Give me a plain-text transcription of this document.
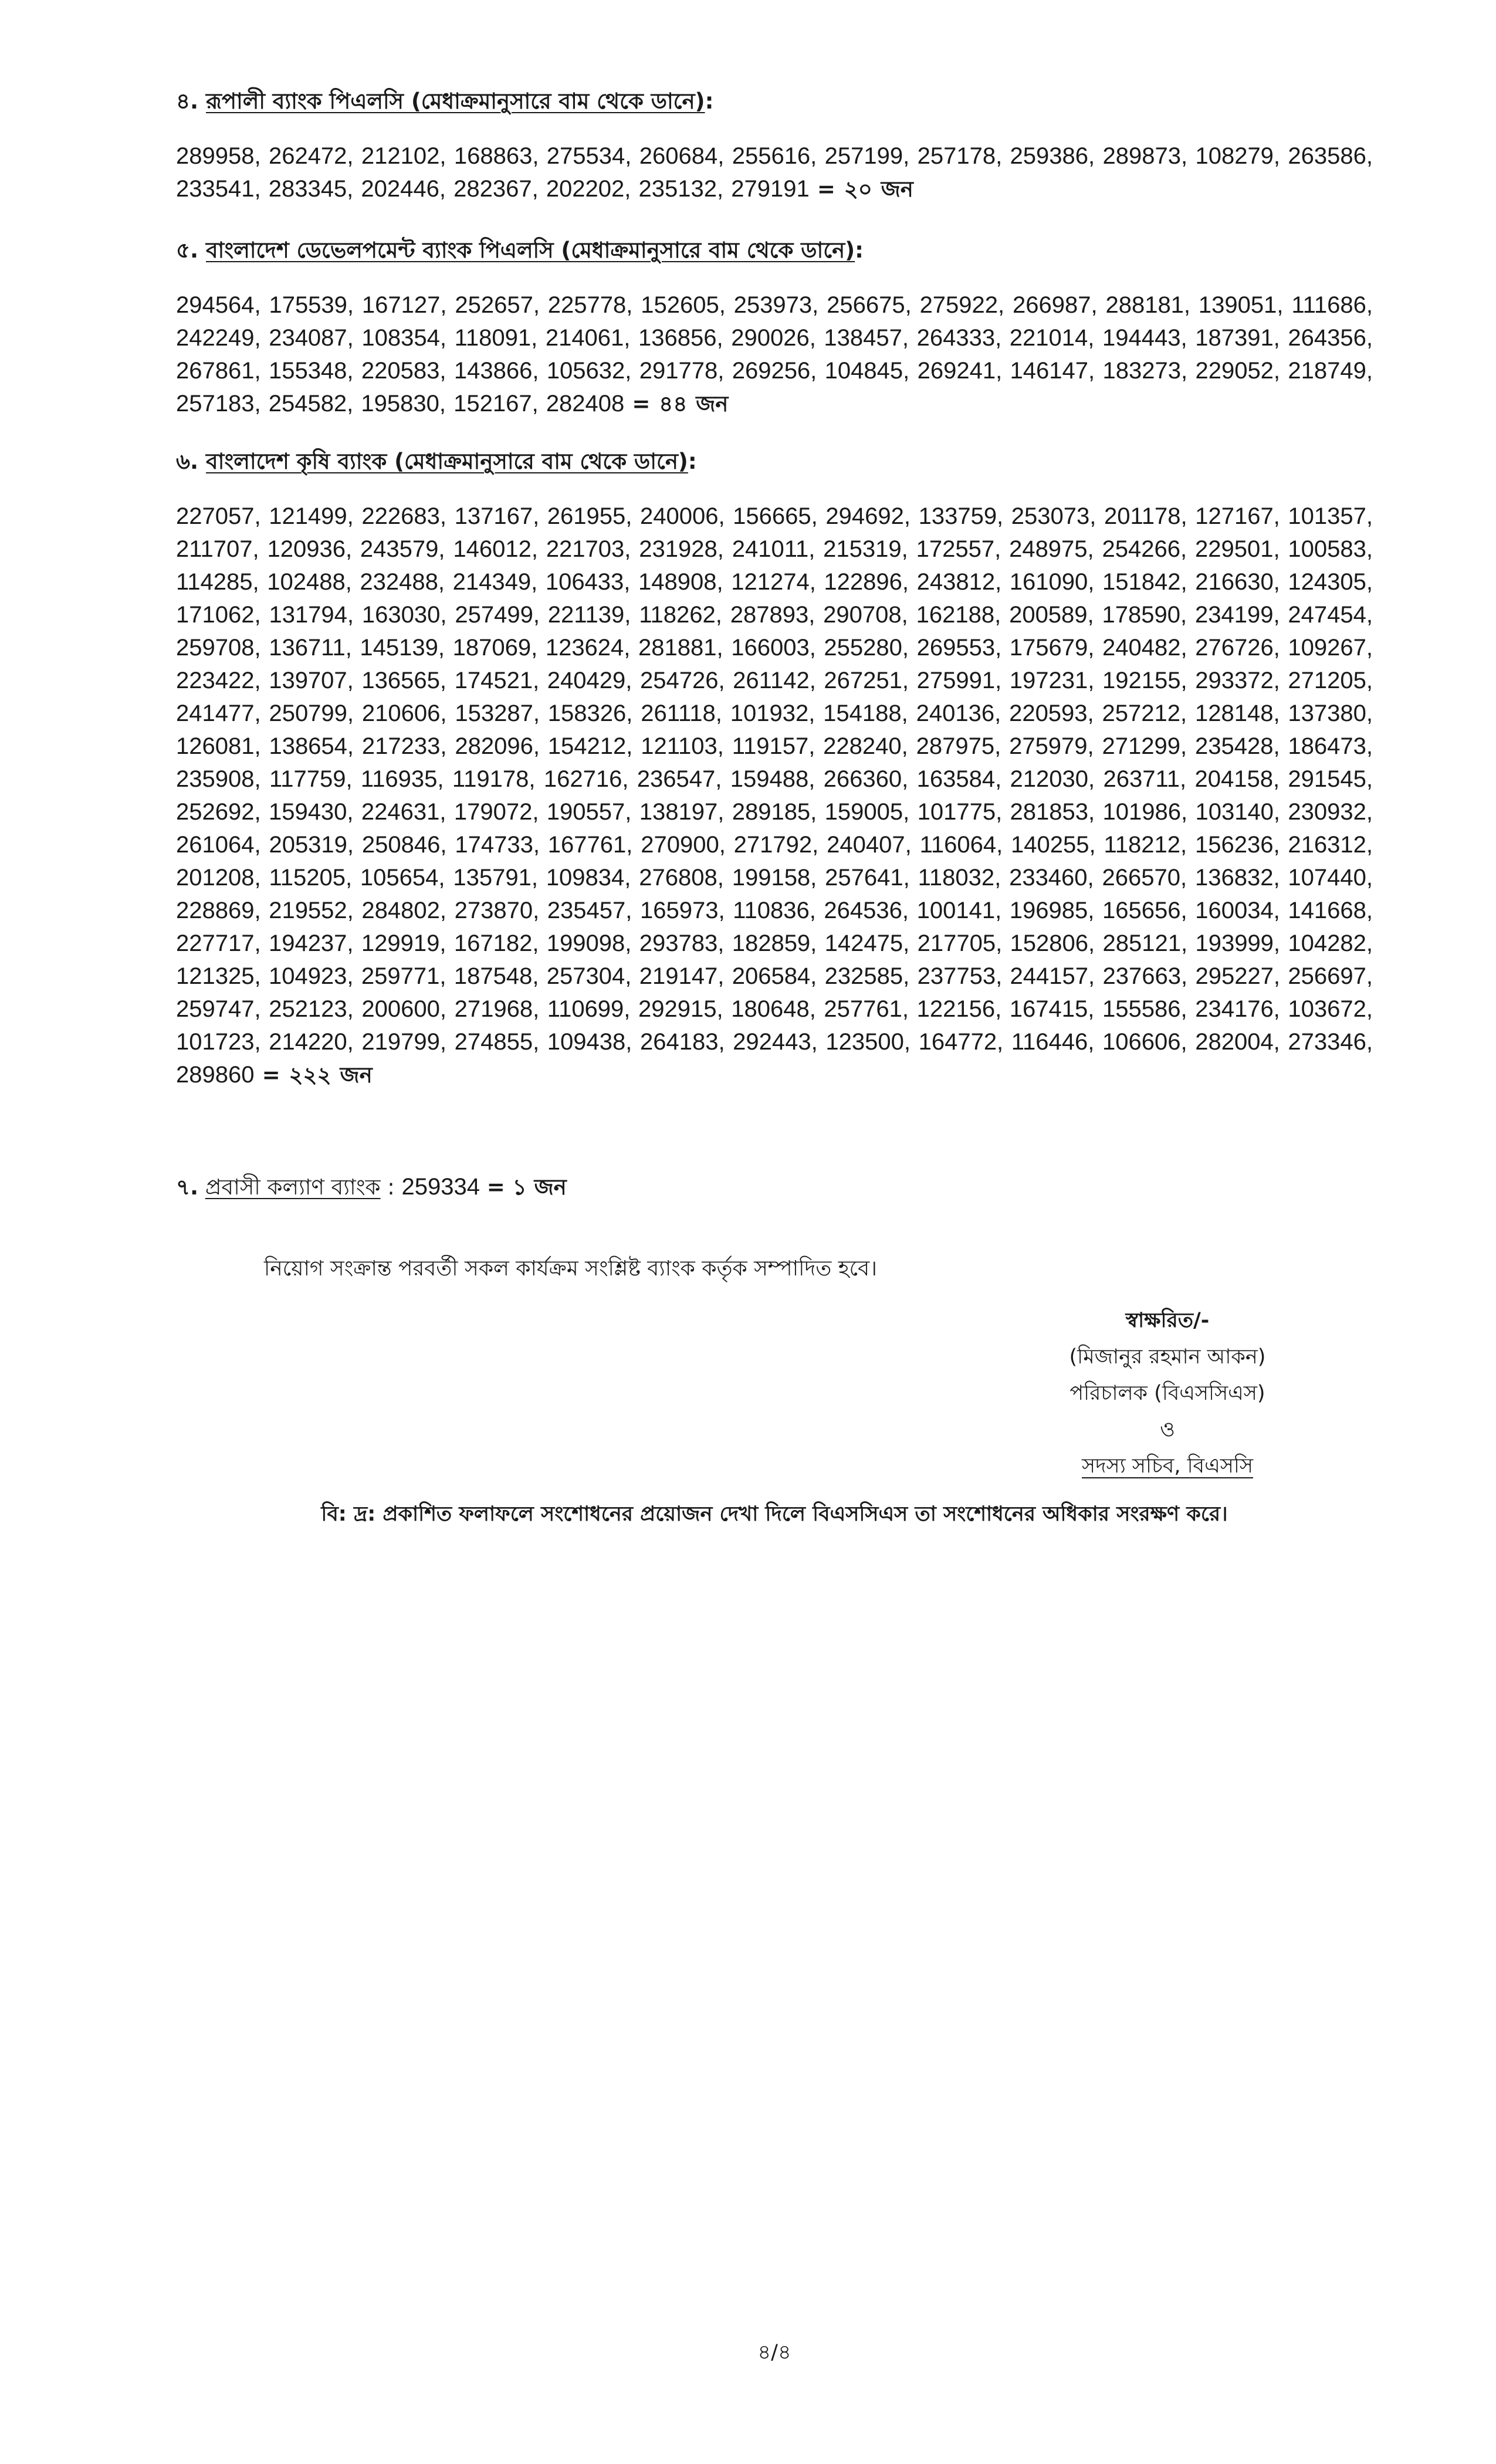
৪. রূপালী ব্যাংক পিএলসি (মেধাক্রমানুসারে বাম থেকে ডানে):
289958, 262472, 212102, 168863, 275534, 260684, 255616, 257199, 257178, 259386, 289873, 108279, 263586, 233541, 283345, 202446, 282367, 202202, 235132, 279191 = ২০ জন
৫. বাংলাদেশ ডেভেলপমেন্ট ব্যাংক পিএলসি (মেধাক্রমানুসারে বাম থেকে ডানে):
294564, 175539, 167127, 252657, 225778, 152605, 253973, 256675, 275922, 266987, 288181, 139051, 111686, 242249, 234087, 108354, 118091, 214061, 136856, 290026, 138457, 264333, 221014, 194443, 187391, 264356, 267861, 155348, 220583, 143866, 105632, 291778, 269256, 104845, 269241, 146147, 183273, 229052, 218749, 257183, 254582, 195830, 152167, 282408 = ৪৪ জন
৬. বাংলাদেশ কৃষি ব্যাংক (মেধাক্রমানুসারে বাম থেকে ডানে):
227057, 121499, 222683, 137167, 261955, 240006, 156665, 294692, 133759, 253073, 201178, 127167, 101357, 211707, 120936, 243579, 146012, 221703, 231928, 241011, 215319, 172557, 248975, 254266, 229501, 100583, 114285, 102488, 232488, 214349, 106433, 148908, 121274, 122896, 243812, 161090, 151842, 216630, 124305, 171062, 131794, 163030, 257499, 221139, 118262, 287893, 290708, 162188, 200589, 178590, 234199, 247454, 259708, 136711, 145139, 187069, 123624, 281881, 166003, 255280, 269553, 175679, 240482, 276726, 109267, 223422, 139707, 136565, 174521, 240429, 254726, 261142, 267251, 275991, 197231, 192155, 293372, 271205, 241477, 250799, 210606, 153287, 158326, 261118, 101932, 154188, 240136, 220593, 257212, 128148, 137380, 126081, 138654, 217233, 282096, 154212, 121103, 119157, 228240, 287975, 275979, 271299, 235428, 186473, 235908, 117759, 116935, 119178, 162716, 236547, 159488, 266360, 163584, 212030, 263711, 204158, 291545, 252692, 159430, 224631, 179072, 190557, 138197, 289185, 159005, 101775, 281853, 101986, 103140, 230932, 261064, 205319, 250846, 174733, 167761, 270900, 271792, 240407, 116064, 140255, 118212, 156236, 216312, 201208, 115205, 105654, 135791, 109834, 276808, 199158, 257641, 118032, 233460, 266570, 136832, 107440, 228869, 219552, 284802, 273870, 235457, 165973, 110836, 264536, 100141, 196985, 165656, 160034, 141668, 227717, 194237, 129919, 167182, 199098, 293783, 182859, 142475, 217705, 152806, 285121, 193999, 104282, 121325, 104923, 259771, 187548, 257304, 219147, 206584, 232585, 237753, 244157, 237663, 295227, 256697, 259747, 252123, 200600, 271968, 110699, 292915, 180648, 257761, 122156, 167415, 155586, 234176, 103672, 101723, 214220, 219799, 274855, 109438, 264183, 292443, 123500, 164772, 116446, 106606, 282004, 273346, 289860 = ২২২ জন
৭. প্রবাসী কল্যাণ ব্যাংক : 259334 = ১ জন
নিয়োগ সংক্রান্ত পরবর্তী সকল কার্যক্রম সংশ্লিষ্ট ব্যাংক কর্তৃক সম্পাদিত হবে।
স্বাক্ষরিত/-
(মিজানুর রহমান আকন)
পরিচালক (বিএসসিএস)
ও
সদস্য সচিব, বিএসসি
বি: দ্র: প্রকাশিত ফলাফলে সংশোধনের প্রয়োজন দেখা দিলে বিএসসিএস তা সংশোধনের অধিকার সংরক্ষণ করে।
৪/৪
